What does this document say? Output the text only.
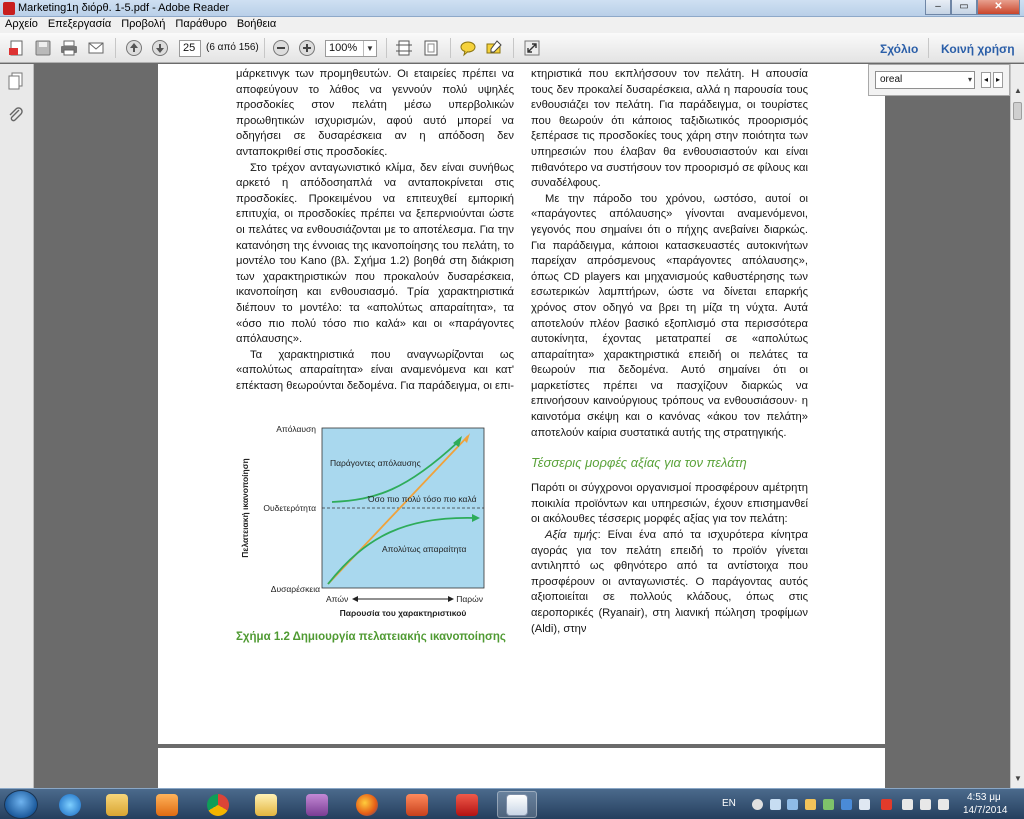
Marketing1η διόρθ. 1-5.pdf - Adobe Reader	–	▭	✕
Αρχείο Επεξεργασία Προβολή Παράθυρο Βοήθεια
25	(6 από 156)	100%	▼	Σχόλιο Κοινή χρήση

μάρκετινγκ των προμηθευτών. Οι εταιρείες πρέπει να αποφεύγουν το λάθος να γεννούν πολύ υψηλές προσδοκίες στον πελάτη μέσω υπερβολικών προωθητικών ισχυρισμών, αφού αυτό μπορεί να οδηγήσει σε δυσαρέσκεια αν η απόδοση δεν ανταποκριθεί στις προσδοκίες.

Στο τρέχον ανταγωνιστικό κλίμα, δεν είναι συνήθως αρκετό η απόδοσηαπλά να ανταποκρίνεται στις προσδοκίες. Προκειμένου να επιτευχθεί εμπορική επιτυχία, οι προσδοκίες πρέπει να ξεπερνιούνται ώστε οι πελάτες να ενθουσιάζονται με το αποτέλεσμα. Για την κατανόηση της έννοιας της ικανοποίησης του πελάτη, το μοντέλο του Kano (βλ. Σχήμα 1.2) βοηθά στη διάκριση των χαρακτηριστικών που προκαλούν δυσαρέσκεια, ικανοποίηση και ενθουσιασμό. Τρία χαρακτηριστικά διέπουν το μοντέλο: τα «απολύτως απαραίτητα», τα «όσο πιο πολύ τόσο πιο καλά» και οι «παράγοντες απόλαυσης».

Τα χαρακτηριστικά που αναγνωρίζονται ως «απολύτως απαραίτητα» είναι αναμενόμενα και κατ' επέκταση θεωρούνται δεδομένα. Για παράδειγμα, οι επι-

Απόλαυση
Ουδετερότητα
Δυσαρέσκεια
Πελατειακή ικανοποίηση	Παράγοντες απόλαυσης
Όσο πιο πολύ τόσο πιο καλά
Απολύτως απαραίτητα
Απών	Παρών
Παρουσία του χαρακτηριστικού
Σχήμα 1.2 Δημιουργία πελατειακής ικανοποίησης

κτηριστικά που εκπλήσσουν τον πελάτη. Η απουσία τους δεν προκαλεί δυσαρέσκεια, αλλά η παρουσία τους ενθουσιάζει τον πελάτη. Για παράδειγμα, οι τουρίστες που θεωρούν ότι κάποιος ταξιδιωτικός προορισμός ξεπέρασε τις προσδοκίες τους χάρη στην ποιότητα των υπηρεσιών που έλαβαν θα ενθουσιαστούν και είναι πιθανότερο να συστήσουν τον προορισμό σε φίλους και συναδέλφους.

Με την πάροδο του χρόνου, ωστόσο, αυτοί οι «παράγοντες απόλαυσης» γίνονται αναμενόμενοι, γεγονός που σημαίνει ότι ο πήχης ανεβαίνει διαρκώς. Για παράδειγμα, κάποιοι κατασκευαστές αυτοκινήτων παρείχαν απρόσμενους «παράγοντες απόλαυσης», όπως CD players και μηχανισμούς καθυστέρησης των εσωτερικών λαμπτήρων, ώστε να δίνεται επαρκής χρόνος στον οδηγό να βρει τη μίζα τη νύχτα. Αυτά αποτελούν πλέον βασικό εξοπλισμό στα περισσότερα αυτοκίνητα, έχοντας μετατραπεί σε «απολύτως απαραίτητα» χαρακτηριστικά επειδή οι πελάτες τα θεωρούν πια δεδομένα. Αυτό σημαίνει ότι οι μαρκετίστες πρέπει να πασχίζουν διαρκώς να επινοήσουν καινούργιους τρόπους να ενθουσιάσουν· η καινοτόμα σκέψη και ο κανόνας «άκου τον πελάτη» αποτελούν καίρια συστατικά αυτής της στρατηγικής.

Τέσσερις μορφές αξίας για τον πελάτη

Παρότι οι σύγχρονοι οργανισμοί προσφέρουν αμέτρητη ποικιλία προϊόντων και υπηρεσιών, έχουν επισημανθεί οι ακόλουθες τέσσερις μορφές αξίας για τον πελάτη:

Αξία τιμής: Είναι ένα από τα ισχυρότερα κίνητρα αγοράς για τον πελάτη επειδή το προϊόν γίνεται αντιληπτό ως φθηνότερο από τα αντίστοιχα που προσφέρουν οι ανταγωνιστές. Ο παράγοντας αυτός αξιοποιείται σε πολλούς κλάδους, όπως στις αεροπορικές (Ryanair), στη λιανική πώληση τροφίμων (Aldi), στην

oreal	▾	◂ ▸
▲
▼
EN
4:53 μμ
14/7/2014
